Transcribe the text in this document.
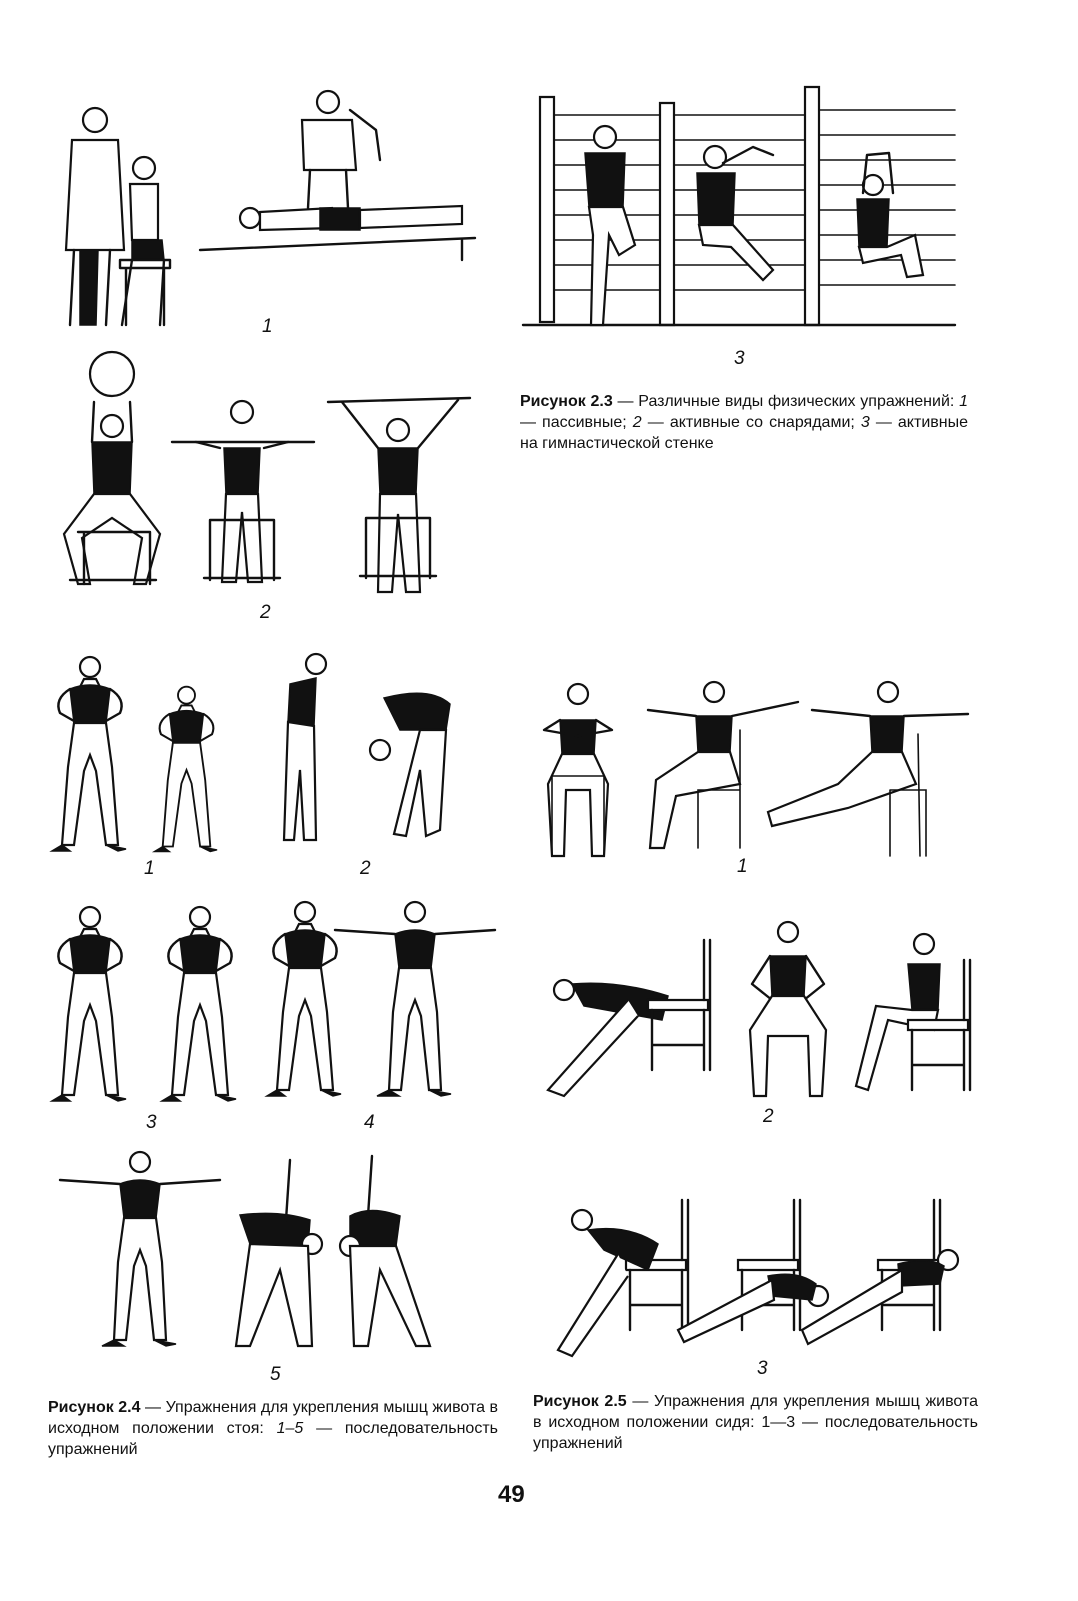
1
3
2
Рисунок 2.3 — Различные виды физических упражнений: 1— пассивные; 2 — активные со снарядами; 3 — активные на гимнастической стенке
1	2
3	4
5
Рисунок 2.4 — Упражнения для укрепления мышц живота в исходном положении стоя: 1–5 — последовательность упражнений
1
2
3
Рисунок 2.5 — Упражнения для укрепления мышц живота в исходном положении сидя: 1—3 — последовательность упражнений
49
